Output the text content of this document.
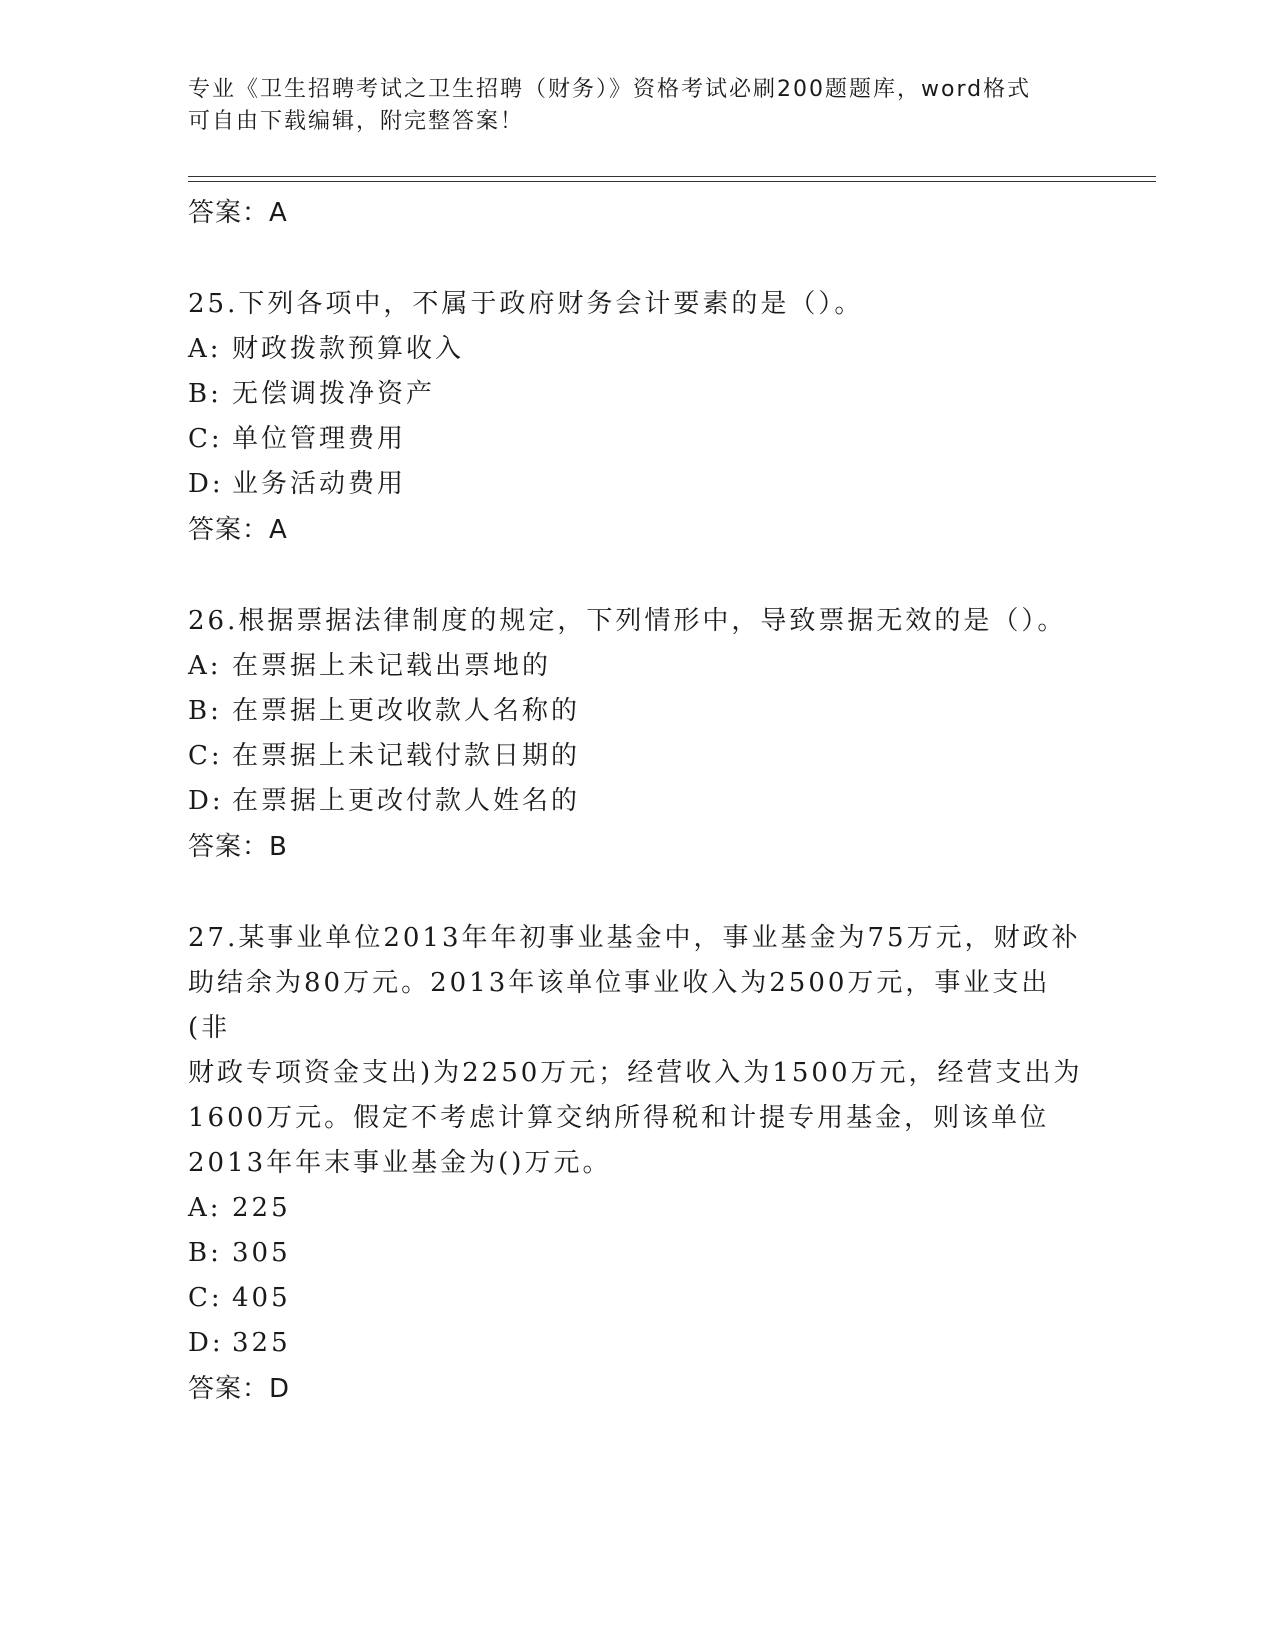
专业《卫生招聘考试之卫生招聘（财务）》资格考试必刷200题题库，word格式
可自由下载编辑，附完整答案！
答案：A
25.下列各项中，不属于政府财务会计要素的是（）。
A: 财政拨款预算收入
B: 无偿调拨净资产
C: 单位管理费用
D: 业务活动费用
答案：A
26.根据票据法律制度的规定，下列情形中，导致票据无效的是（）。
A: 在票据上未记载出票地的
B: 在票据上更改收款人名称的
C: 在票据上未记载付款日期的
D: 在票据上更改付款人姓名的
答案：B
27.某事业单位2013年年初事业基金中，事业基金为75万元，财政补
助结余为80万元。2013年该单位事业收入为2500万元，事业支出(非
财政专项资金支出)为2250万元；经营收入为1500万元，经营支出为
1600万元。假定不考虑计算交纳所得税和计提专用基金，则该单位
2013年年末事业基金为()万元。
A: 225
B: 305
C: 405
D: 325
答案：D
